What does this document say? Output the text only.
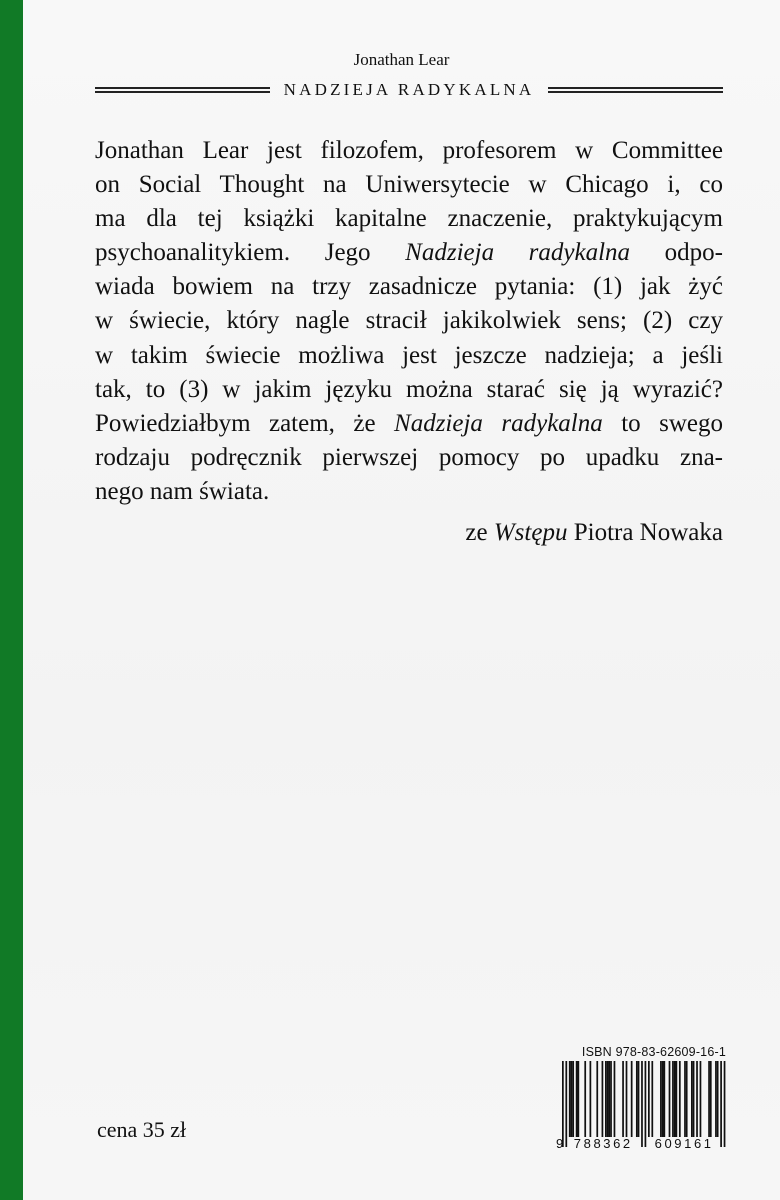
Jonathan Lear
NADZIEJA RADYKALNA
Jonathan Lear jest filozofem, profesorem w Committee
on Social Thought na Uniwersytecie w Chicago i, co
ma dla tej książki kapitalne znaczenie, praktykującym
psychoanalitykiem. Jego Nadzieja radykalna odpo-
wiada bowiem na trzy zasadnicze pytania: (1) jak żyć
w świecie, który nagle stracił jakikolwiek sens; (2) czy
w takim świecie możliwa jest jeszcze nadzieja; a jeśli
tak, to (3) w jakim języku można starać się ją wyrazić?
Powiedziałbym zatem, że Nadzieja radykalna to swego
rodzaju podręcznik pierwszej pomocy po upadku zna-
nego nam świata.
ze Wstępu Piotra Nowaka
cena 35 zł
ISBN 978-83-62609-16-1
9 788362 609161
